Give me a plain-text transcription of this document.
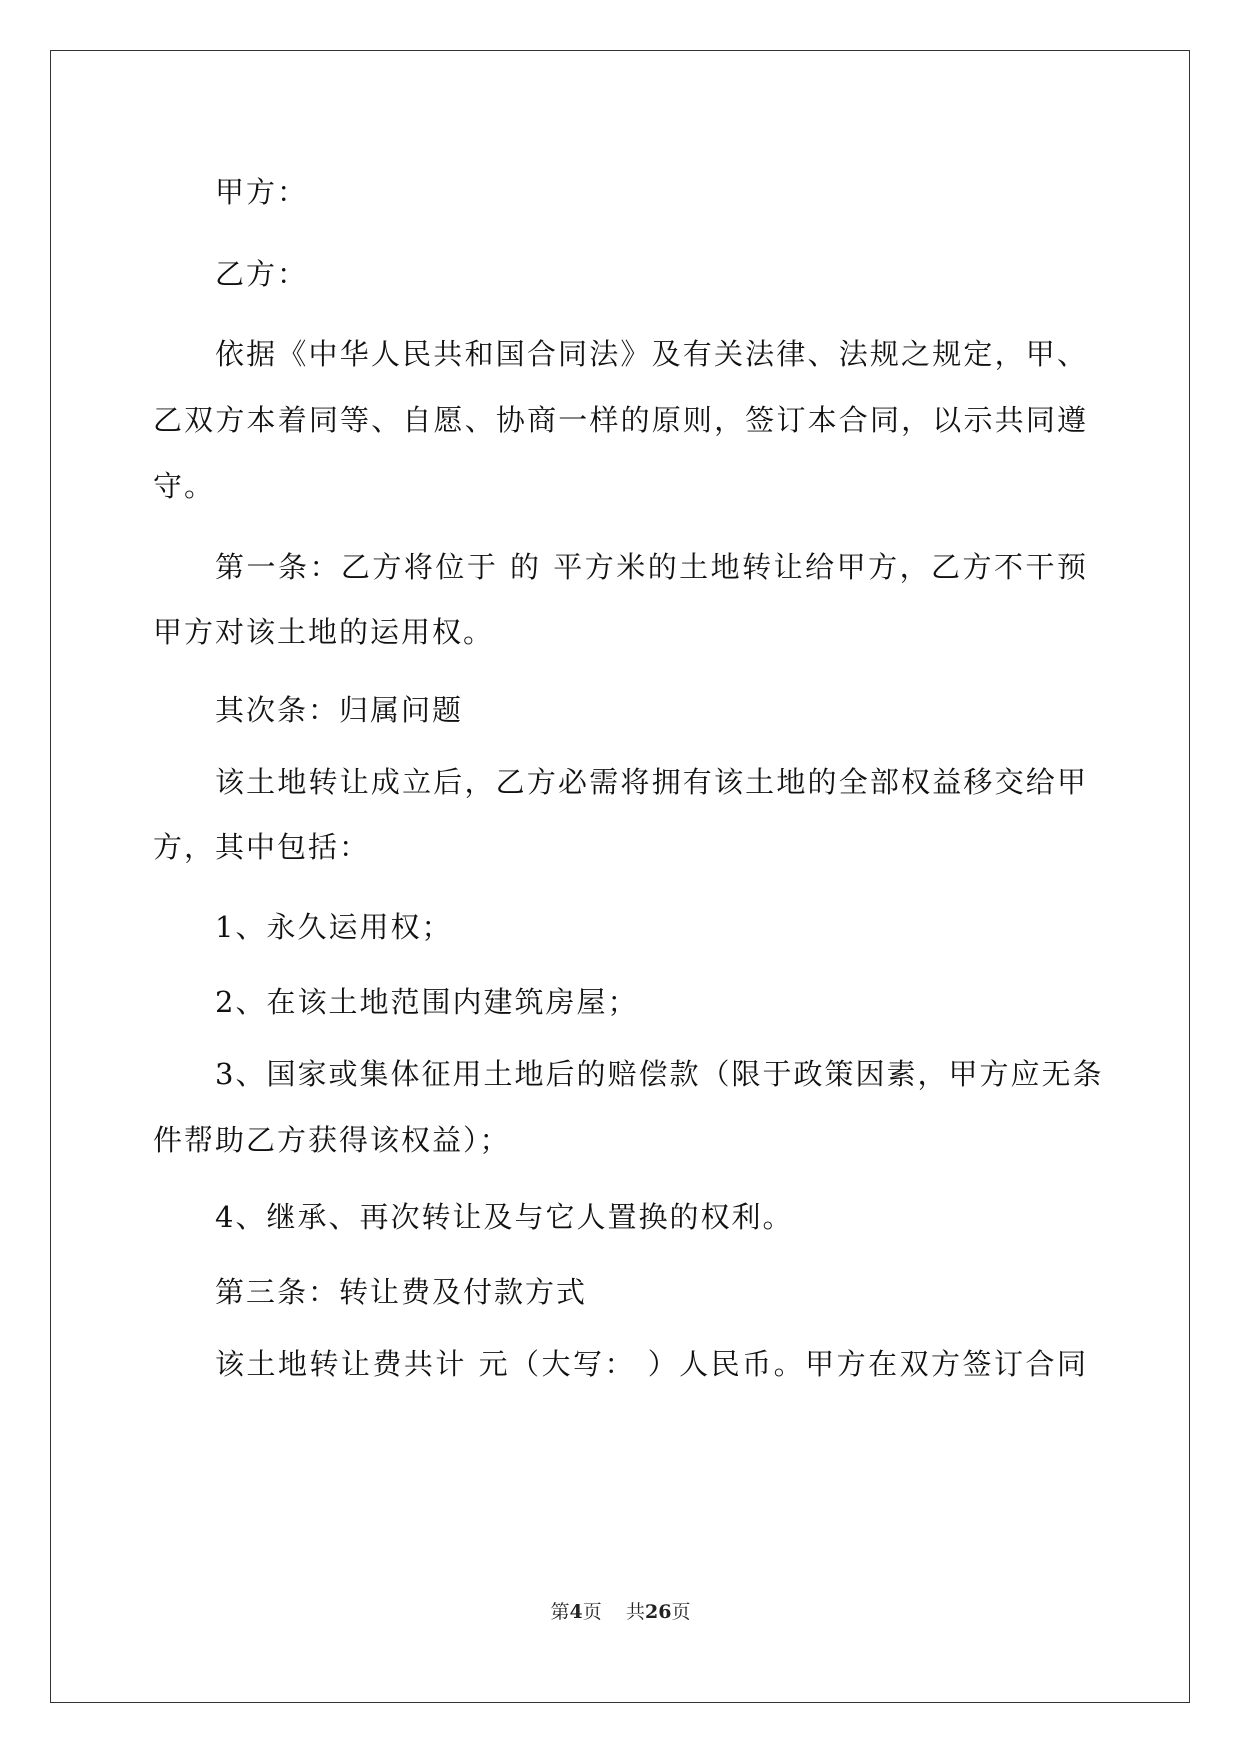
甲方：
乙方：
依据《中华人民共和国合同法》及有关法律、法规之规定，甲、
乙双方本着同等、自愿、协商一样的原则，签订本合同，以示共同遵
守。
第一条：乙方将位于 的 平方米的土地转让给甲方，乙方不干预
甲方对该土地的运用权。
其次条：归属问题
该土地转让成立后，乙方必需将拥有该土地的全部权益移交给甲
方，其中包括：
1、永久运用权；
2、在该土地范围内建筑房屋；
3、国家或集体征用土地后的赔偿款（限于政策因素，甲方应无条
件帮助乙方获得该权益）；
4、继承、再次转让及与它人置换的权利。
第三条：转让费及付款方式
该土地转让费共计 元（大写： ）人民币。甲方在双方签订合同
第4页 共26页
